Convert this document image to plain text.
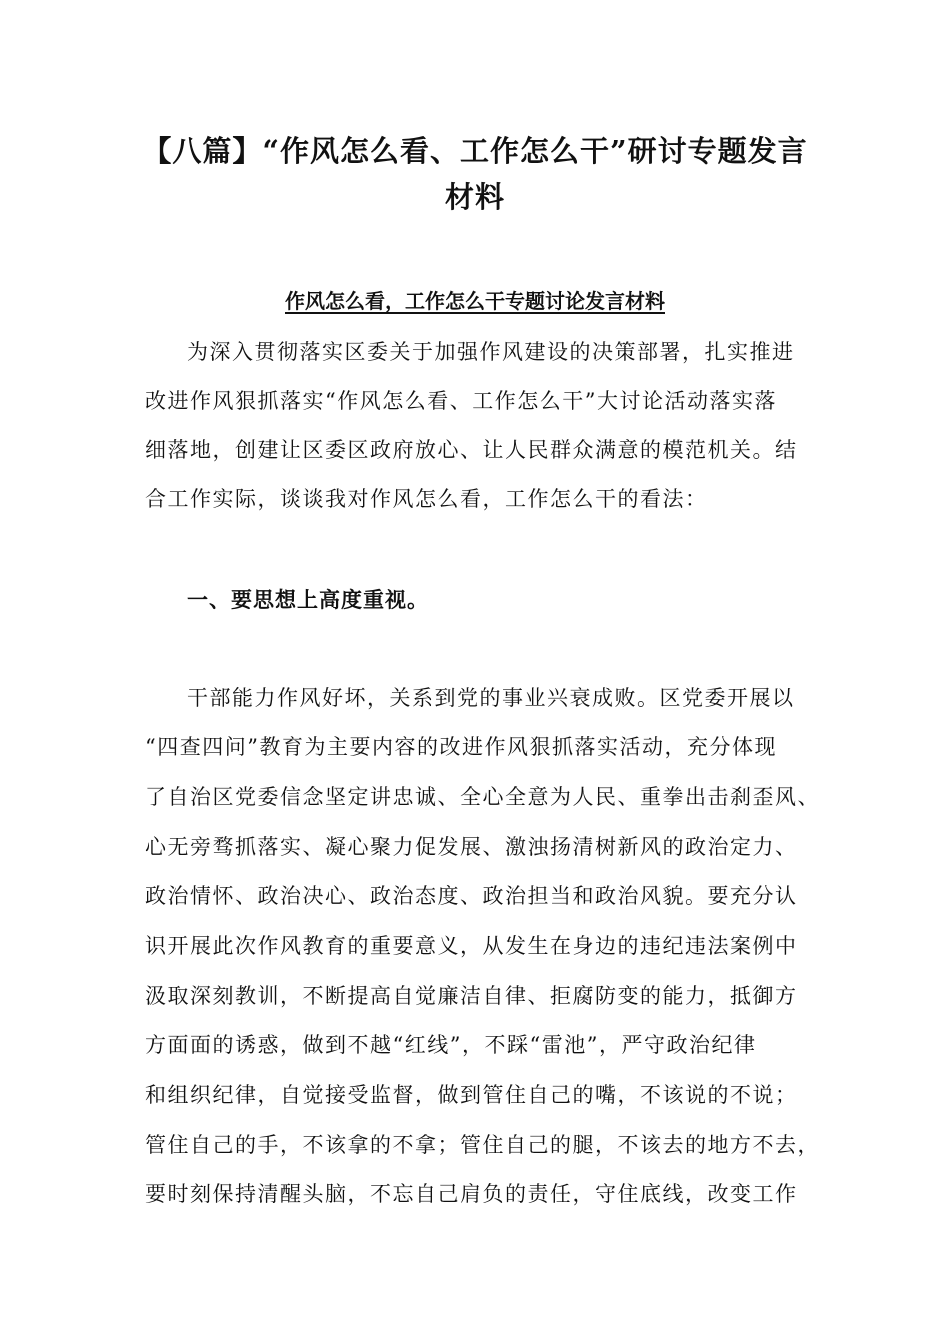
【八篇】“作风怎么看、工作怎么干”研讨专题发言
材料
作风怎么看，工作怎么干专题讨论发言材料
为深入贯彻落实区委关于加强作风建设的决策部署，扎实推进
改进作风狠抓落实“作风怎么看、工作怎么干”大讨论活动落实落
细落地，创建让区委区政府放心、让人民群众满意的模范机关。结
合工作实际，谈谈我对作风怎么看，工作怎么干的看法：
一、要思想上高度重视。
干部能力作风好坏，关系到党的事业兴衰成败。区党委开展以
“四查四问”教育为主要内容的改进作风狠抓落实活动，充分体现
了自治区党委信念坚定讲忠诚、全心全意为人民、重拳出击刹歪风、
心无旁骛抓落实、凝心聚力促发展、激浊扬清树新风的政治定力、
政治情怀、政治决心、政治态度、政治担当和政治风貌。要充分认
识开展此次作风教育的重要意义，从发生在身边的违纪违法案例中
汲取深刻教训，不断提高自觉廉洁自律、拒腐防变的能力，抵御方
方面面的诱惑，做到不越“红线”，不踩“雷池”，严守政治纪律
和组织纪律，自觉接受监督，做到管住自己的嘴，不该说的不说；
管住自己的手，不该拿的不拿；管住自己的腿，不该去的地方不去，
要时刻保持清醒头脑，不忘自己肩负的责任，守住底线，改变工作
